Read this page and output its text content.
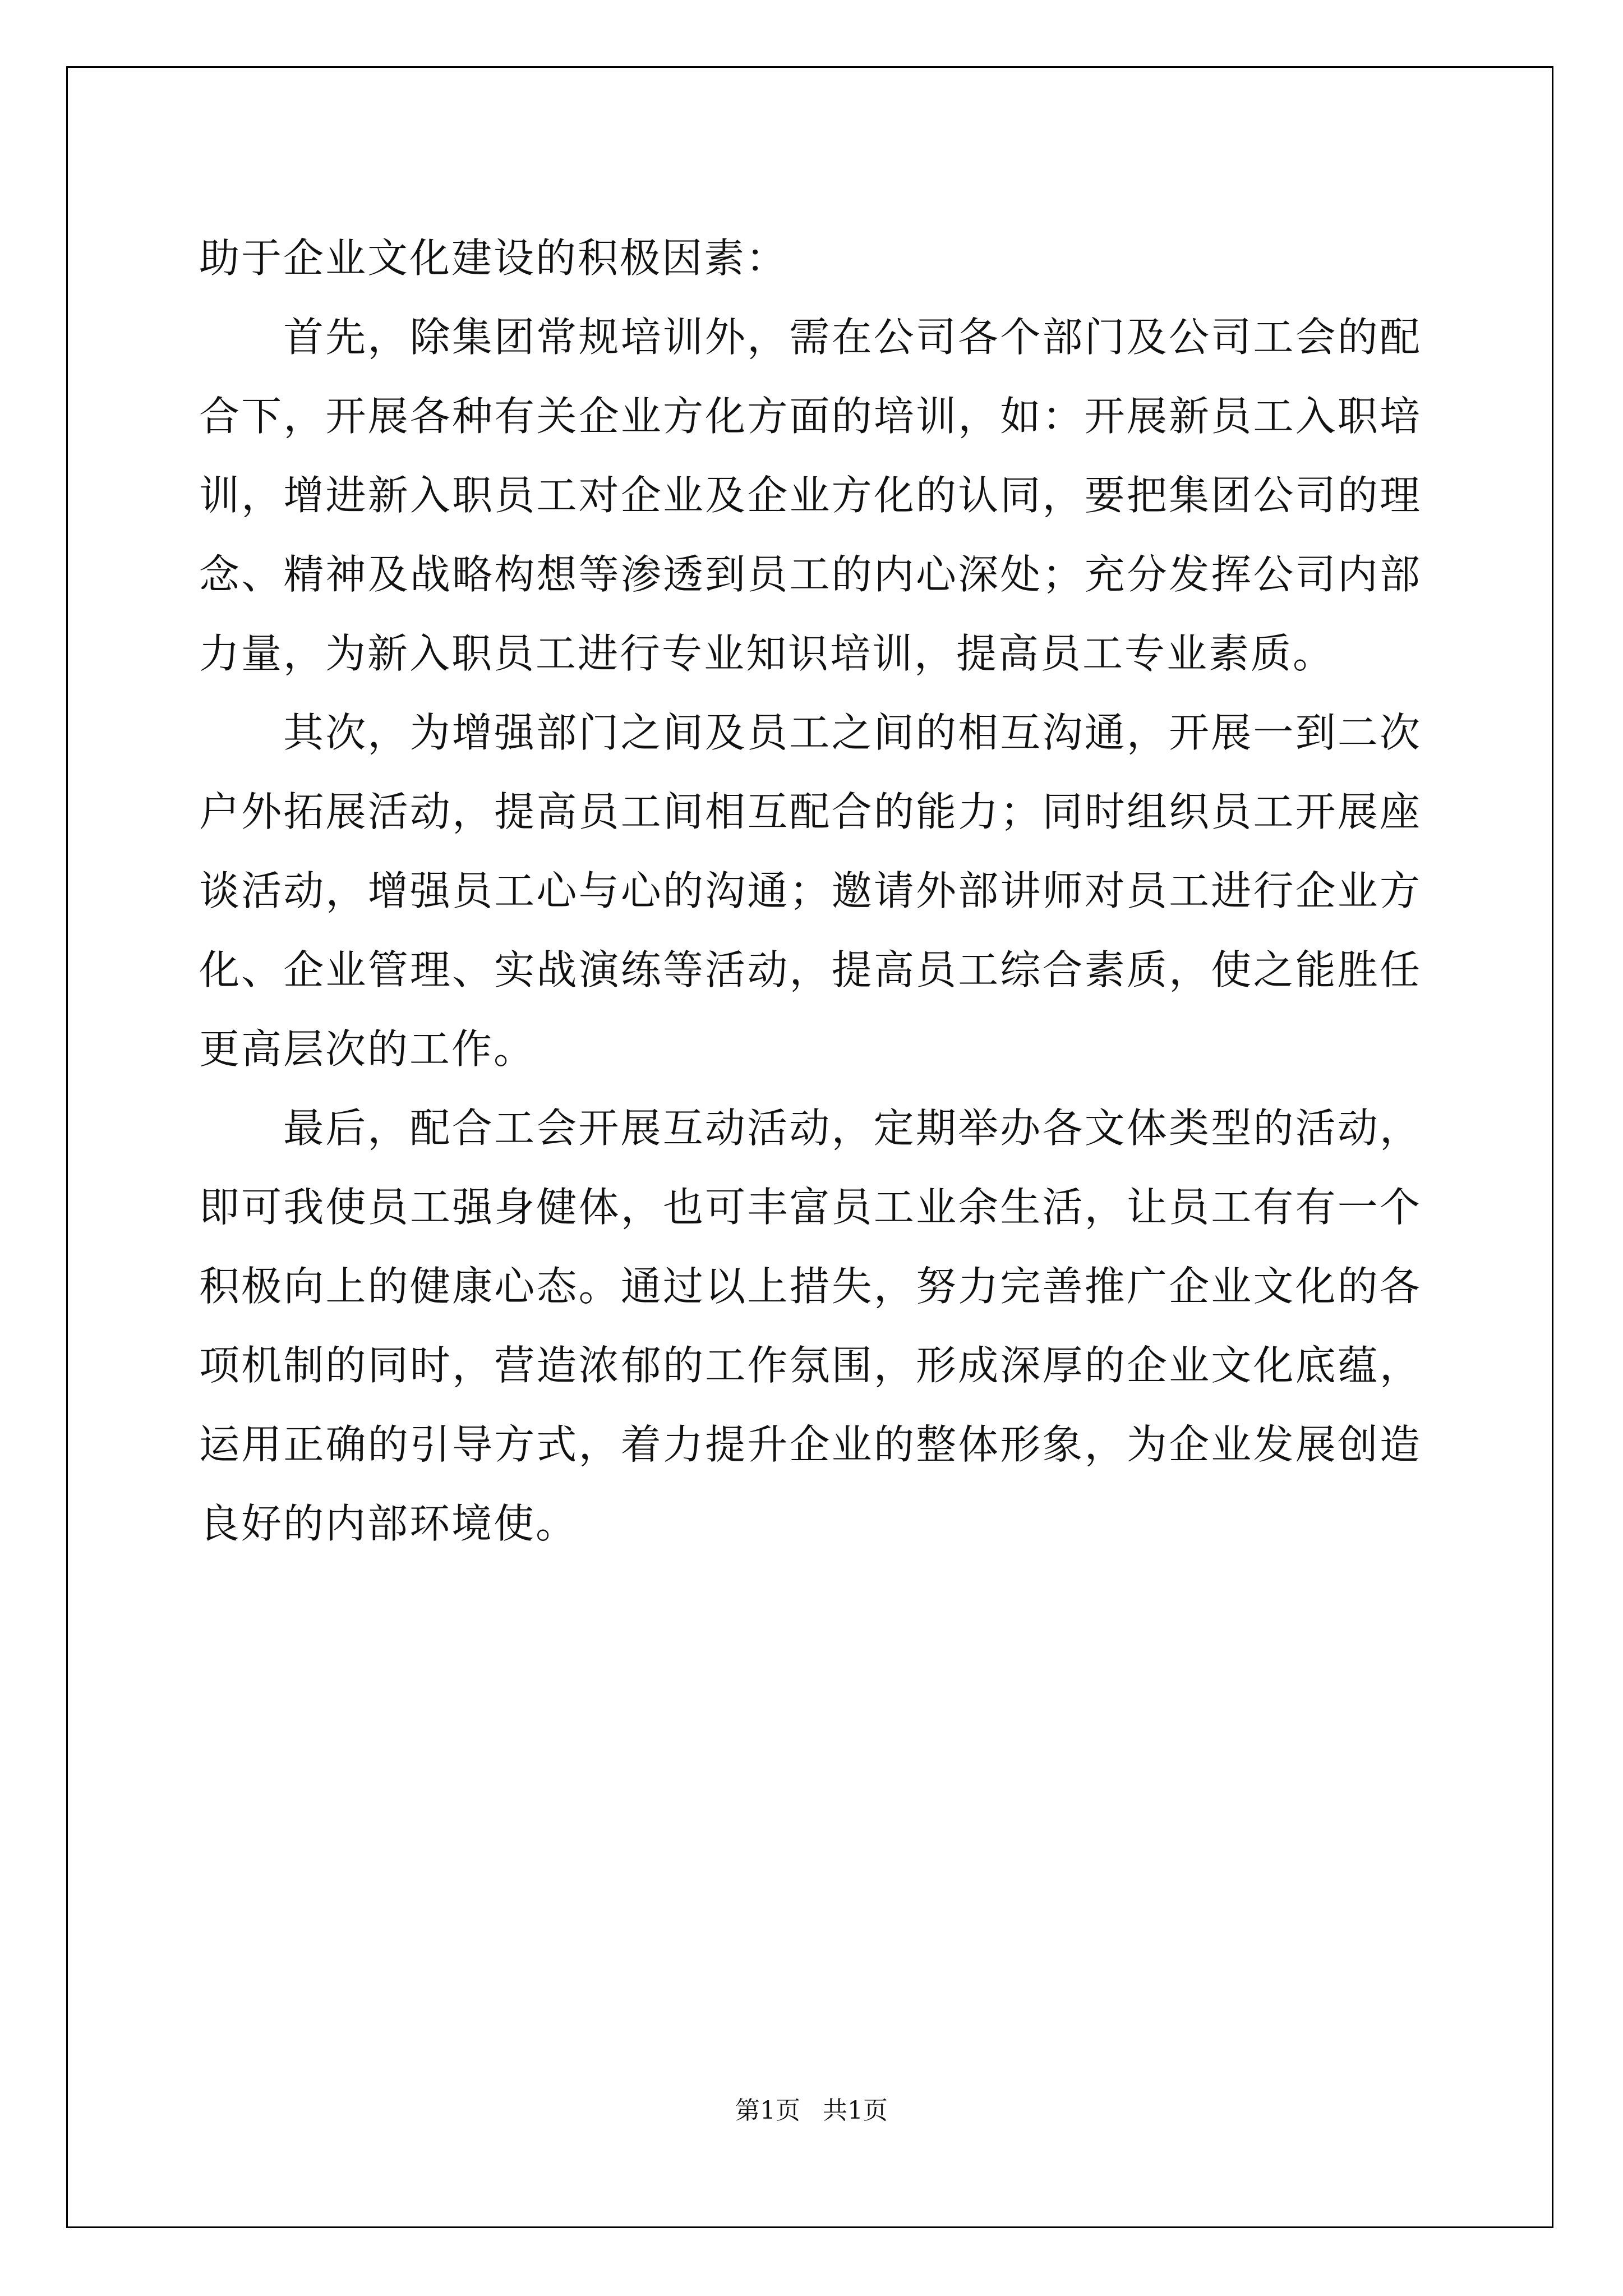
助于企业文化建设的积极因素：

首先，除集团常规培训外，需在公司各个部门及公司工会的配合下，开展各种有关企业方化方面的培训，如：开展新员工入职培训，增进新入职员工对企业及企业方化的认同，要把集团公司的理念、精神及战略构想等渗透到员工的内心深处；充分发挥公司内部力量，为新入职员工进行专业知识培训，提高员工专业素质。

其次，为增强部门之间及员工之间的相互沟通，开展一到二次户外拓展活动，提高员工间相互配合的能力；同时组织员工开展座谈活动，增强员工心与心的沟通；邀请外部讲师对员工进行企业方化、企业管理、实战演练等活动，提高员工综合素质，使之能胜任更高层次的工作。

最后，配合工会开展互动活动，定期举办各文体类型的活动，即可我使员工强身健体，也可丰富员工业余生活，让员工有有一个积极向上的健康心态。通过以上措失，努力完善推广企业文化的各项机制的同时，营造浓郁的工作氛围，形成深厚的企业文化底蕴，运用正确的引导方式，着力提升企业的整体形象，为企业发展创造良好的内部环境使。

第1页 共1页
